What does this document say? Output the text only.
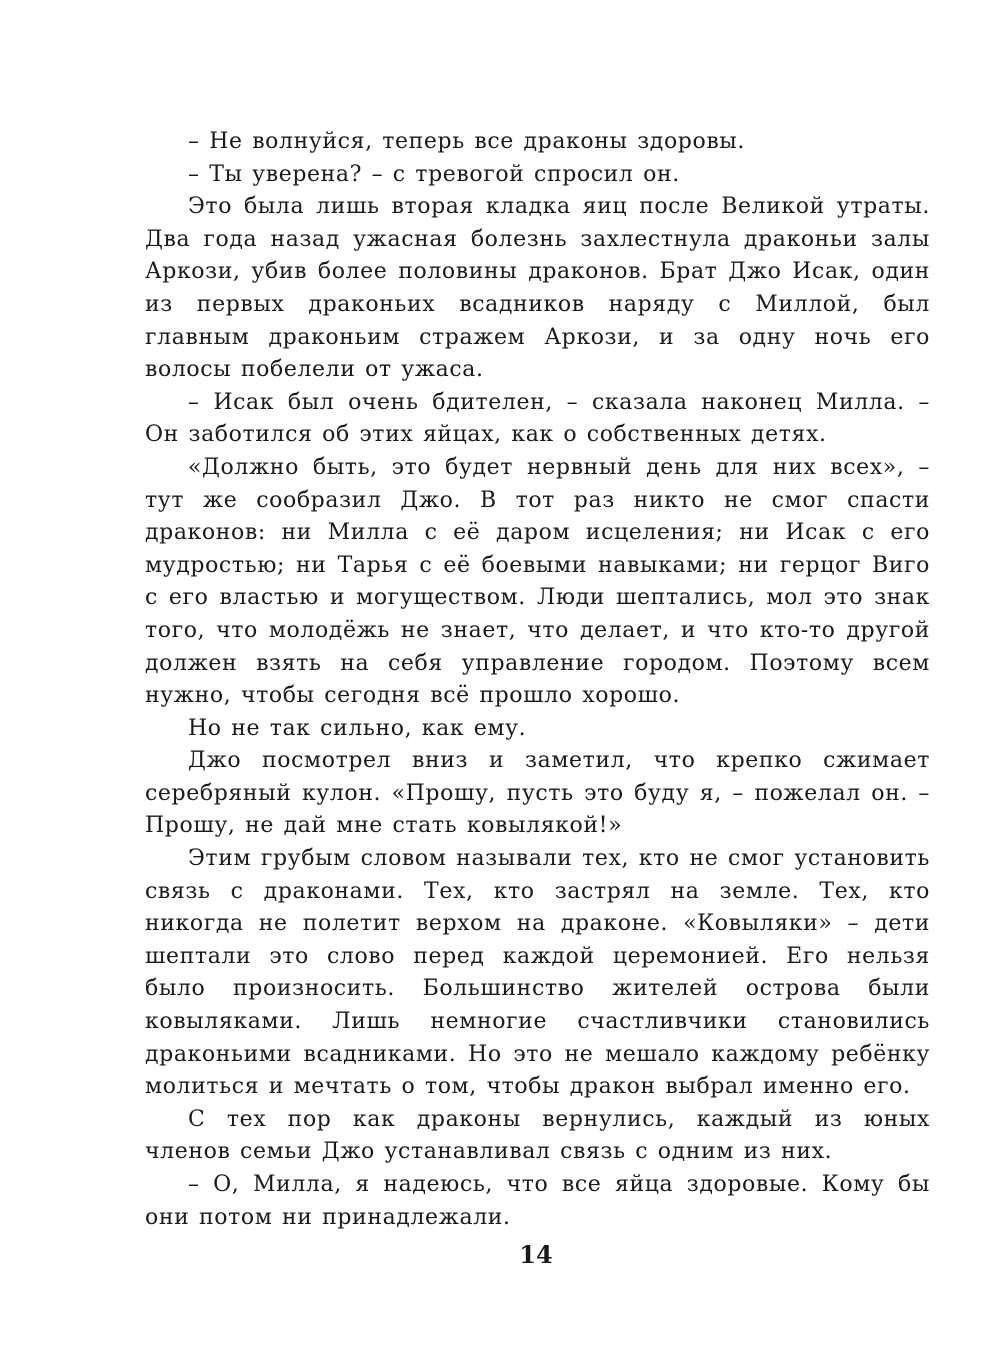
– Не волнуйся, теперь все драконы здоровы.

– Ты уверена? – с тревогой спросил он.

Это была лишь вторая кладка яиц после Великой утраты. Два года назад ужасная болезнь захлестнула драконьи залы Аркози, убив более половины драконов. Брат Джо Исак, один из первых драконьих всадников наряду с Миллой, был главным драконьим стражем Аркози, и за одну ночь его волосы побелели от ужаса.

– Исак был очень бдителен, – сказала наконец Милла. – Он заботился об этих яйцах, как о собственных детях.

«Должно быть, это будет нервный день для них всех», – тут же сообразил Джо. В тот раз никто не смог спасти драконов: ни Милла с её даром исцеления; ни Исак с его мудростью; ни Тарья с её боевыми навыками; ни герцог Виго с его властью и могуществом. Люди шептались, мол это знак того, что молодёжь не знает, что делает, и что кто-то другой должен взять на себя управление городом. Поэтому всем нужно, чтобы сегодня всё прошло хорошо.

Но не так сильно, как ему.

Джо посмотрел вниз и заметил, что крепко сжимает серебряный кулон. «Прошу, пусть это буду я, – пожелал он. – Прошу, не дай мне стать ковылякой!»

Этим грубым словом называли тех, кто не смог установить связь с драконами. Тех, кто застрял на земле. Тех, кто никогда не полетит верхом на драконе. «Ковыляки» – дети шептали это слово перед каждой церемонией. Его нельзя было произносить. Большинство жителей острова были ковыляками. Лишь немногие счастливчики становились драконьими всадниками. Но это не мешало каждому ребёнку молиться и мечтать о том, чтобы дракон выбрал именно его.

С тех пор как драконы вернулись, каждый из юных членов семьи Джо устанавливал связь с одним из них.

– О, Милла, я надеюсь, что все яйца здоровые. Кому бы они потом ни принадлежали.

14
